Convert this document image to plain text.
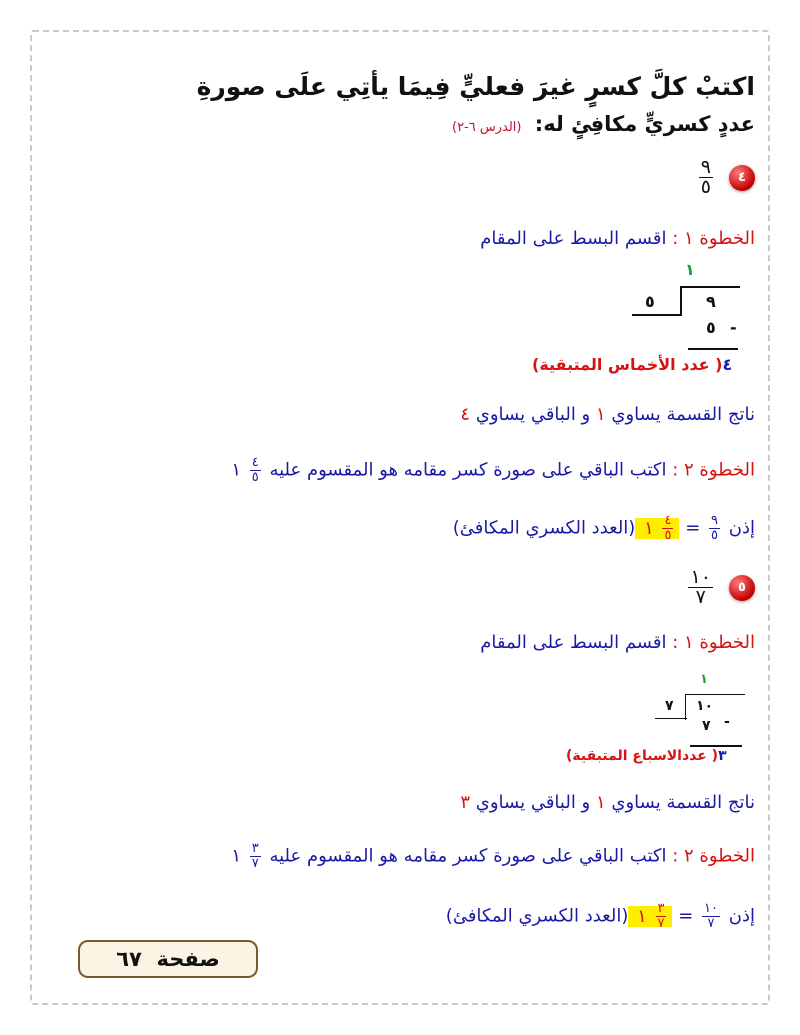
اكتبْ كلَّ كسرٍ غيرَ فعليٍّ فِيمَا يأتِي علَى صورةِ
عددٍ كسريٍّ مكافِئٍ له: (الدرس ٦-٢)
٤
$\frac{٩}{٥}$
الخطوة ١ : اقسم البسط على المقام
١
٩
٥
٥ -
٤( عدد الأخماس المتبقية)
ناتج القسمة يساوي ١ و الباقي يساوي ٤
الخطوة ٢ : اكتب الباقي على صورة كسر مقامه هو المقسوم عليه
$\frac{٤}{٥}$
١
إذن
$\frac{٩}{٥}$
=
$\frac{٤}{٥}$
١ (العدد الكسري المكافئ)
٥
$\frac{١٠}{٧}$
الخطوة ١ : اقسم البسط على المقام
١
١٠
٧
٧ -
٣( عددالاسباع المتبقية)
ناتج القسمة يساوي ١ و الباقي يساوي ٣
الخطوة ٢ : اكتب الباقي على صورة كسر مقامه هو المقسوم عليه
$\frac{٣}{٧}$
١
إذن
$\frac{١٠}{٧}$
=
$\frac{٣}{٧}$
١ (العدد الكسري المكافئ)
صفحة

٦٧
